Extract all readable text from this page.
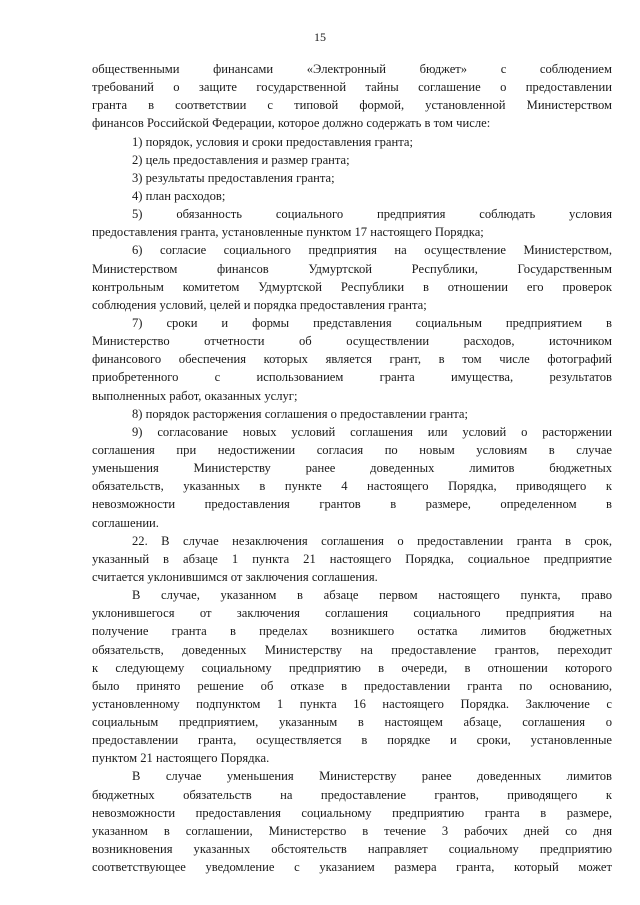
15
общественными финансами «Электронный бюджет» с соблюдением
требований о защите государственной тайны соглашение о предоставлении
гранта в соответствии с типовой формой, установленной Министерством
финансов Российской Федерации, которое должно содержать в том числе:
1) порядок, условия и сроки предоставления гранта;
2) цель предоставления и размер гранта;
3) результаты предоставления гранта;
4) план расходов;
5) обязанность социального предприятия соблюдать условия
предоставления гранта, установленные пунктом 17 настоящего Порядка;
6) согласие социального предприятия на осуществление Министерством,
Министерством финансов Удмуртской Республики, Государственным
контрольным комитетом Удмуртской Республики в отношении его проверок
соблюдения условий, целей и порядка предоставления гранта;
7) сроки и формы представления социальным предприятием в
Министерство отчетности об осуществлении расходов, источником
финансового обеспечения которых является грант, в том числе фотографий
приобретенного с использованием гранта имущества, результатов
выполненных работ, оказанных услуг;
8) порядок расторжения соглашения о предоставлении гранта;
9) согласование новых условий соглашения или условий о расторжении
соглашения при недостижении согласия по новым условиям в случае
уменьшения Министерству ранее доведенных лимитов бюджетных
обязательств, указанных в пункте 4 настоящего Порядка, приводящего к
невозможности предоставления грантов в размере, определенном в
соглашении.
22. В случае незаключения соглашения о предоставлении гранта в срок,
указанный в абзаце 1 пункта 21 настоящего Порядка, социальное предприятие
считается уклонившимся от заключения соглашения.
В случае, указанном в абзаце первом настоящего пункта, право
уклонившегося от заключения соглашения социального предприятия на
получение гранта в пределах возникшего остатка лимитов бюджетных
обязательств, доведенных Министерству на предоставление грантов, переходит
к следующему социальному предприятию в очереди, в отношении которого
было принято решение об отказе в предоставлении гранта по основанию,
установленному подпунктом 1 пункта 16 настоящего Порядка. Заключение с
социальным предприятием, указанным в настоящем абзаце, соглашения о
предоставлении гранта, осуществляется в порядке и сроки, установленные
пунктом 21 настоящего Порядка.
В случае уменьшения Министерству ранее доведенных лимитов
бюджетных обязательств на предоставление грантов, приводящего к
невозможности предоставления социальному предприятию гранта в размере,
указанном в соглашении, Министерство в течение 3 рабочих дней со дня
возникновения указанных обстоятельств направляет социальному предприятию
соответствующее уведомление с указанием размера гранта, который может
